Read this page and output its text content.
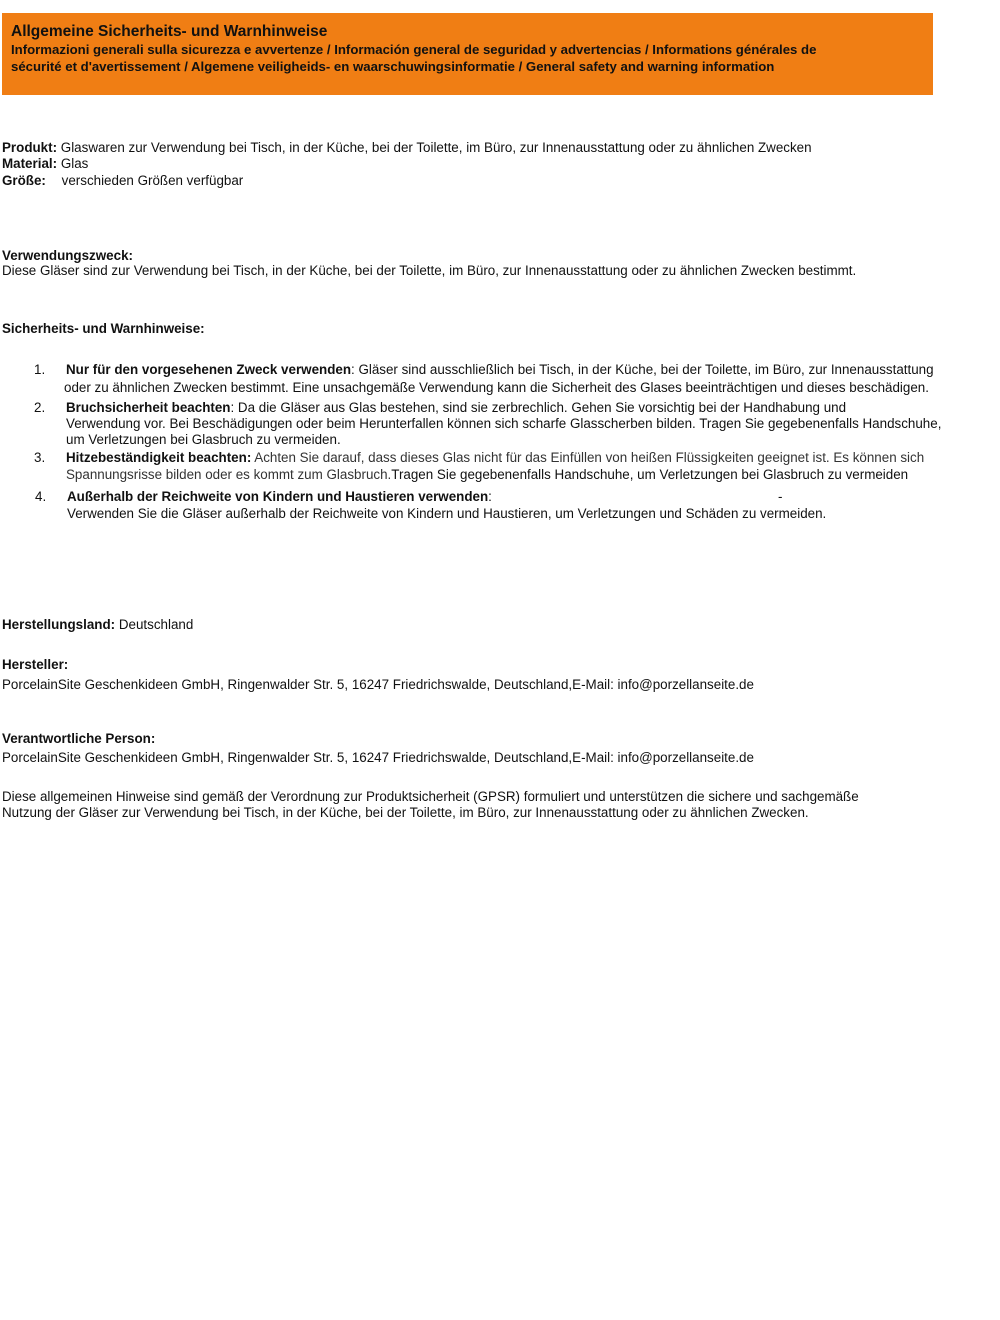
Allgemeine Sicherheits- und Warnhinweise
Informazioni generali sulla sicurezza e avvertenze / Información general de seguridad y advertencias / Informations générales de
sécurité et d'avertissement / Algemene veiligheids- en waarschuwingsinformatie / General safety and warning information
Produkt: Glaswaren zur Verwendung bei Tisch, in der Küche, bei der Toilette, im Büro, zur Innenausstattung oder zu ähnlichen Zwecken
Material: Glas
Größe: verschieden Größen verfügbar
Verwendungszweck:
Diese Gläser sind zur Verwendung bei Tisch, in der Küche, bei der Toilette, im Büro, zur Innenausstattung oder zu ähnlichen Zwecken bestimmt.
Sicherheits- und Warnhinweise:
1. Nur für den vorgesehenen Zweck verwenden: Gläser sind ausschließlich bei Tisch, in der Küche, bei der Toilette, im Büro, zur Innenausstattung
oder zu ähnlichen Zwecken bestimmt. Eine unsachgemäße Verwendung kann die Sicherheit des Glases beeinträchtigen und dieses beschädigen.
2. Bruchsicherheit beachten: Da die Gläser aus Glas bestehen, sind sie zerbrechlich. Gehen Sie vorsichtig bei der Handhabung und
Verwendung vor. Bei Beschädigungen oder beim Herunterfallen können sich scharfe Glasscherben bilden. Tragen Sie gegebenenfalls Handschuhe,
um Verletzungen bei Glasbruch zu vermeiden.
3. Hitzebeständigkeit beachten: Achten Sie darauf, dass dieses Glas nicht für das Einfüllen von heißen Flüssigkeiten geeignet ist. Es können sich
Spannungsrisse bilden oder es kommt zum Glasbruch.Tragen Sie gegebenenfalls Handschuhe, um Verletzungen bei Glasbruch zu vermeiden
4. Außerhalb der Reichweite von Kindern und Haustieren verwenden:	-
Verwenden Sie die Gläser außerhalb der Reichweite von Kindern und Haustieren, um Verletzungen und Schäden zu vermeiden.
Herstellungsland: Deutschland
Hersteller:
PorcelainSite Geschenkideen GmbH, Ringenwalder Str. 5, 16247 Friedrichswalde, Deutschland,E-Mail: info@porzellanseite.de
Verantwortliche Person:
PorcelainSite Geschenkideen GmbH, Ringenwalder Str. 5, 16247 Friedrichswalde, Deutschland,E-Mail: info@porzellanseite.de
Diese allgemeinen Hinweise sind gemäß der Verordnung zur Produktsicherheit (GPSR) formuliert und unterstützen die sichere und sachgemäße
Nutzung der Gläser zur Verwendung bei Tisch, in der Küche, bei der Toilette, im Büro, zur Innenausstattung oder zu ähnlichen Zwecken.
